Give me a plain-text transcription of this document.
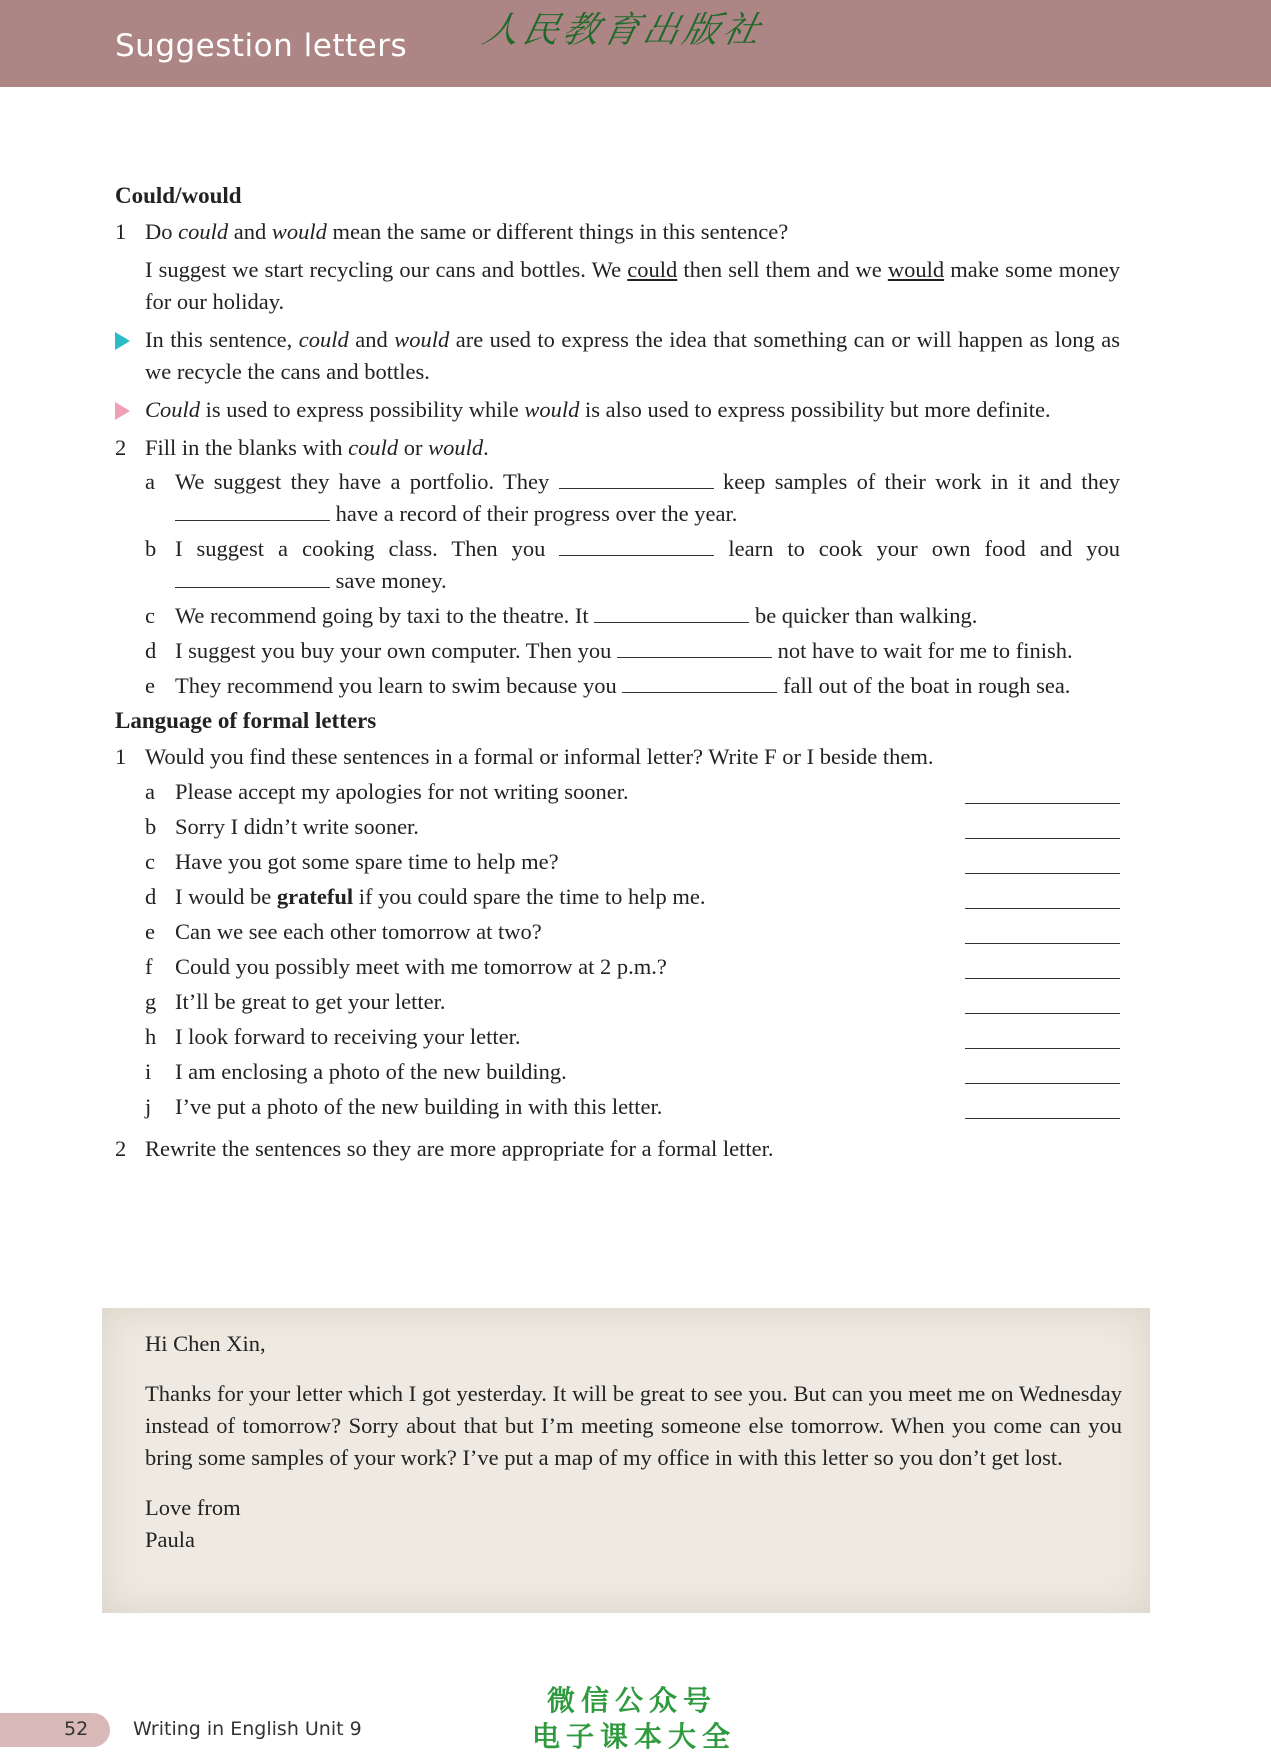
Suggestion letters 人民教育出版社
Could/would
1 Do could and would mean the same or different things in this sentence?
I suggest we start recycling our cans and bottles. We could then sell them and we would make some money for our holiday.
In this sentence, could and would are used to express the idea that something can or will happen as long as we recycle the cans and bottles.
Could is used to express possibility while would is also used to express possibility but more definite.
2 Fill in the blanks with could or would.
a We suggest they have a portfolio. They	keep samples of their work in it and they  have a record of their progress over the year.
b I suggest a cooking class. Then you	learn to cook your own food and you  save money.
c We recommend going by taxi to the theatre. It	be quicker than walking.
d I suggest you buy your own computer. Then you	not have to wait for me to finish.
e They recommend you learn to swim because you	fall out of the boat in rough sea.
Language of formal letters
1 Would you find these sentences in a formal or informal letter? Write F or I beside them.
a Please accept my apologies for not writing sooner.
b Sorry I didn’t write sooner.
c Have you got some spare time to help me?
d I would be grateful if you could spare the time to help me.
e Can we see each other tomorrow at two?
f	Could you possibly meet with me tomorrow at 2 p.m.?
g It’ll be great to get your letter.
h I look forward to receiving your letter.
i	I am enclosing a photo of the new building.
j	I’ve put a photo of the new building in with this letter.
2 Rewrite the sentences so they are more appropriate for a formal letter.

Hi Chen Xin,

Thanks for your letter which I got yesterday. It will be great to see you. But can you meet me on Wednesday instead of tomorrow? Sorry about that but I’m meeting someone else tomorrow. When you come can you bring some samples of your work? I’ve put a map of my office in with this letter so you don’t get lost.

Love from

Paula

52 Writing in English Unit 9
微信公众号
电子课本大全
